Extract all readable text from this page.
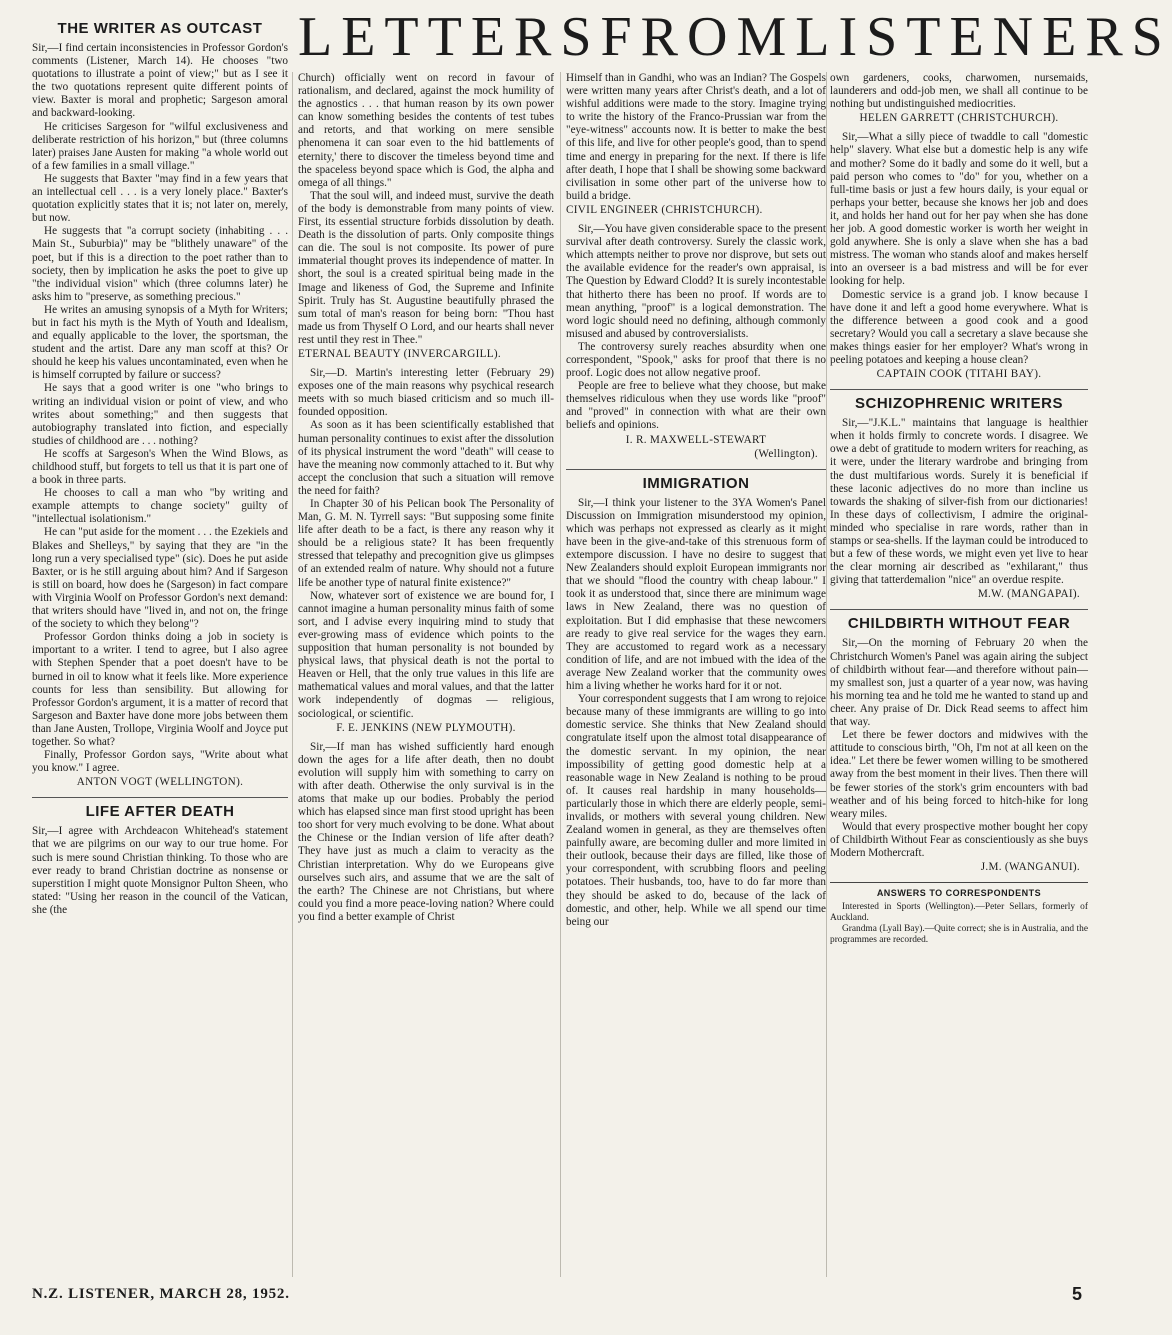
LETTERS FROM LISTENERS
THE WRITER AS OUTCAST

Sir,—I find certain inconsistencies in Professor Gordon's comments (Listener, March 14). He chooses "two quotations to illustrate a point of view;" but as I see it the two quotations represent quite different points of view. Baxter is moral and prophetic; Sargeson amoral and backward-looking.

He criticises Sargeson for "wilful exclusiveness and deliberate restriction of his horizon," but (three columns later) praises Jane Austen for making "a whole world out of a few families in a small village."

He suggests that Baxter "may find in a few years that an intellectual cell . . . is a very lonely place." Baxter's quotation explicitly states that it is; not later on, merely, but now.

He suggests that "a corrupt society (inhabiting . . . Main St., Suburbia)" may be "blithely unaware" of the poet, but if this is a direction to the poet rather than to society, then by implication he asks the poet to give up "the individual vision" which (three columns later) he asks him to "preserve, as something precious."

He writes an amusing synopsis of a Myth for Writers; but in fact his myth is the Myth of Youth and Idealism, and equally applicable to the lover, the sportsman, the student and the artist. Dare any man scoff at this? Or should he keep his values uncontaminated, even when he is himself corrupted by failure or success?

He says that a good writer is one "who brings to writing an individual vision or point of view, and who writes about something;" and then suggests that autobiography translated into fiction, and especially studies of childhood are . . . nothing?

He scoffs at Sargeson's When the Wind Blows, as childhood stuff, but forgets to tell us that it is part one of a book in three parts.

He chooses to call a man who "by writing and example attempts to change society" guilty of "intellectual isolationism."

He can "put aside for the moment . . . the Ezekiels and Blakes and Shelleys," by saying that they are "in the long run a very specialised type" (sic). Does he put aside Baxter, or is he still arguing about him? And if Sargeson is still on board, how does he (Sargeson) in fact compare with Virginia Woolf on Professor Gordon's next demand: that writers should have "lived in, and not on, the fringe of the society to which they belong"?

Professor Gordon thinks doing a job in society is important to a writer. I tend to agree, but I also agree with Stephen Spender that a poet doesn't have to be burned in oil to know what it feels like. More experience counts for less than sensibility. But allowing for Professor Gordon's argument, it is a matter of record that Sargeson and Baxter have done more jobs between them than Jane Austen, Trollope, Virginia Woolf and Joyce put together. So what?

Finally, Professor Gordon says, "Write about what you know." I agree.

ANTON VOGT (WELLINGTON).
LIFE AFTER DEATH

Sir,—I agree with Archdeacon Whitehead's statement that we are pilgrims on our way to our true home. For such is mere sound Christian thinking. To those who are ever ready to brand Christian doctrine as nonsense or superstition I might quote Monsignor Pulton Sheen, who stated: "Using her reason in the council of the Vatican, she (the

Church) officially went on record in favour of rationalism, and declared, against the mock humility of the agnostics . . . that human reason by its own power can know something besides the contents of test tubes and retorts, and that working on mere sensible phenomena it can soar even to the hid battlements of eternity,' there to discover the timeless beyond time and the spaceless beyond space which is God, the alpha and omega of all things."

That the soul will, and indeed must, survive the death of the body is demonstrable from many points of view. First, its essential structure forbids dissolution by death. Death is the dissolution of parts. Only composite things can die. The soul is not composite. Its power of pure immaterial thought proves its independence of matter. In short, the soul is a created spiritual being made in the Image and likeness of God, the Supreme and Infinite Spirit. Truly has St. Augustine beautifully phrased the sum total of man's reason for being born: "Thou hast made us from Thyself O Lord, and our hearts shall never rest until they rest in Thee."

ETERNAL BEAUTY (INVERCARGILL).

Sir,—D. Martin's interesting letter (February 29) exposes one of the main reasons why psychical research meets with so much biased criticism and so much ill-founded opposition.

As soon as it has been scientifically established that human personality continues to exist after the dissolution of its physical instrument the word "death" will cease to have the meaning now commonly attached to it. But why accept the conclusion that such a situation will remove the need for faith?

In Chapter 30 of his Pelican book The Personality of Man, G. M. N. Tyrrell says: "But supposing some finite life after death to be a fact, is there any reason why it should be a religious state? It has been frequently stressed that telepathy and precognition give us glimpses of an extended realm of nature. Why should not a future life be another type of natural finite existence?"

Now, whatever sort of existence we are bound for, I cannot imagine a human personality minus faith of some sort, and I advise every inquiring mind to study that ever-growing mass of evidence which points to the supposition that human personality is not bounded by physical laws, that physical death is not the portal to Heaven or Hell, that the only true values in this life are mathematical values and moral values, and that the latter work independently of dogmas — religious, sociological, or scientific.

F. E. JENKINS (NEW PLYMOUTH).

Sir,—If man has wished sufficiently hard enough down the ages for a life after death, then no doubt evolution will supply him with something to carry on with after death. Otherwise the only survival is in the atoms that make up our bodies. Probably the period which has elapsed since man first stood upright has been too short for very much evolving to be done. What about the Chinese or the Indian version of life after death? They have just as much a claim to veracity as the Christian interpretation. Why do we Europeans give ourselves such airs, and assume that we are the salt of the earth? The Chinese are not Christians, but where could you find a more peace-loving nation? Where could you find a better example of Christ

Himself than in Gandhi, who was an Indian? The Gospels were written many years after Christ's death, and a lot of wishful additions were made to the story. Imagine trying to write the history of the Franco-Prussian war from the "eye-witness" accounts now. It is better to make the best of this life, and live for other people's good, than to spend time and energy in preparing for the next. If there is life after death, I hope that I shall be showing some backward civilisation in some other part of the universe how to build a bridge.

CIVIL ENGINEER (CHRISTCHURCH).

Sir,—You have given considerable space to the present survival after death controversy. Surely the classic work, which attempts neither to prove nor disprove, but sets out the available evidence for the reader's own appraisal, is The Question by Edward Clodd? It is surely incontestable that hitherto there has been no proof. If words are to mean anything, "proof" is a logical demonstration. The word logic should need no defining, although commonly misused and abused by controversialists.

The controversy surely reaches absurdity when one correspondent, "Spook," asks for proof that there is no proof. Logic does not allow negative proof.

People are free to believe what they choose, but make themselves ridiculous when they use words like "proof" and "proved" in connection with what are their own beliefs and opinions.

I. R. MAXWELL-STEWART
(Wellington).
IMMIGRATION

Sir,—I think your listener to the 3YA Women's Panel Discussion on Immigration misunderstood my opinion, which was perhaps not expressed as clearly as it might have been in the give-and-take of this strenuous form of extempore discussion. I have no desire to suggest that New Zealanders should exploit European immigrants nor that we should "flood the country with cheap labour." I took it as understood that, since there are minimum wage laws in New Zealand, there was no question of exploitation. But I did emphasise that these newcomers are ready to give real service for the wages they earn. They are accustomed to regard work as a necessary condition of life, and are not imbued with the idea of the average New Zealand worker that the community owes him a living whether he works hard for it or not.

Your correspondent suggests that I am wrong to rejoice because many of these immigrants are willing to go into domestic service. She thinks that New Zealand should congratulate itself upon the almost total disappearance of the domestic servant. In my opinion, the near impossibility of getting good domestic help at a reasonable wage in New Zealand is nothing to be proud of. It causes real hardship in many households—particularly those in which there are elderly people, semi-invalids, or mothers with several young children. New Zealand women in general, as they are themselves often painfully aware, are becoming duller and more limited in their outlook, because their days are filled, like those of your correspondent, with scrubbing floors and peeling potatoes. Their husbands, too, have to do far more than they should be asked to do, because of the lack of domestic, and other, help. While we all spend our time being our

own gardeners, cooks, charwomen, nursemaids, launderers and odd-job men, we shall all continue to be nothing but undistinguished mediocrities.

HELEN GARRETT (CHRISTCHURCH).

Sir,—What a silly piece of twaddle to call "domestic help" slavery. What else but a domestic help is any wife and mother? Some do it badly and some do it well, but a paid person who comes to "do" for you, whether on a full-time basis or just a few hours daily, is your equal or perhaps your better, because she knows her job and does it, and holds her hand out for her pay when she has done her job. A good domestic worker is worth her weight in gold anywhere. She is only a slave when she has a bad mistress. The woman who stands aloof and makes herself into an overseer is a bad mistress and will be for ever looking for help.

Domestic service is a grand job. I know because I have done it and left a good home everywhere. What is the difference between a good cook and a good secretary? Would you call a secretary a slave because she makes things easier for her employer? What's wrong in peeling potatoes and keeping a house clean?

CAPTAIN COOK (TITAHI BAY).
SCHIZOPHRENIC WRITERS

Sir,—"J.K.L." maintains that language is healthier when it holds firmly to concrete words. I disagree. We owe a debt of gratitude to modern writers for reaching, as it were, under the literary wardrobe and bringing from the dust multifarious words. Surely it is beneficial if these laconic adjectives do no more than incline us towards the shaking of silver-fish from our dictionaries! In these days of collectivism, I admire the original-minded who specialise in rare words, rather than in stamps or sea-shells. If the layman could be introduced to but a few of these words, we might even yet live to hear the clear morning air described as "exhilarant," thus giving that tatterdemalion "nice" an overdue respite.

M.W. (MANGAPAI).
CHILDBIRTH WITHOUT FEAR

Sir,—On the morning of February 20 when the Christchurch Women's Panel was again airing the subject of childbirth without fear—and therefore without pain—my smallest son, just a quarter of a year now, was having his morning tea and he told me he wanted to stand up and cheer. Any praise of Dr. Dick Read seems to affect him that way.

Let there be fewer doctors and midwives with the attitude to conscious birth, "Oh, I'm not at all keen on the idea." Let there be fewer women willing to be smothered away from the best moment in their lives. Then there will be fewer stories of the stork's grim encounters with bad weather and of his being forced to hitch-hike for long weary miles.

Would that every prospective mother bought her copy of Childbirth Without Fear as conscientiously as she buys Modern Mothercraft.

J.M. (WANGANUI).
ANSWERS TO CORRESPONDENTS

Interested in Sports (Wellington).—Peter Sellars, formerly of Auckland.

Grandma (Lyall Bay).—Quite correct; she is in Australia, and the programmes are recorded.

N.Z. LISTENER, MARCH 28, 1952.	5
